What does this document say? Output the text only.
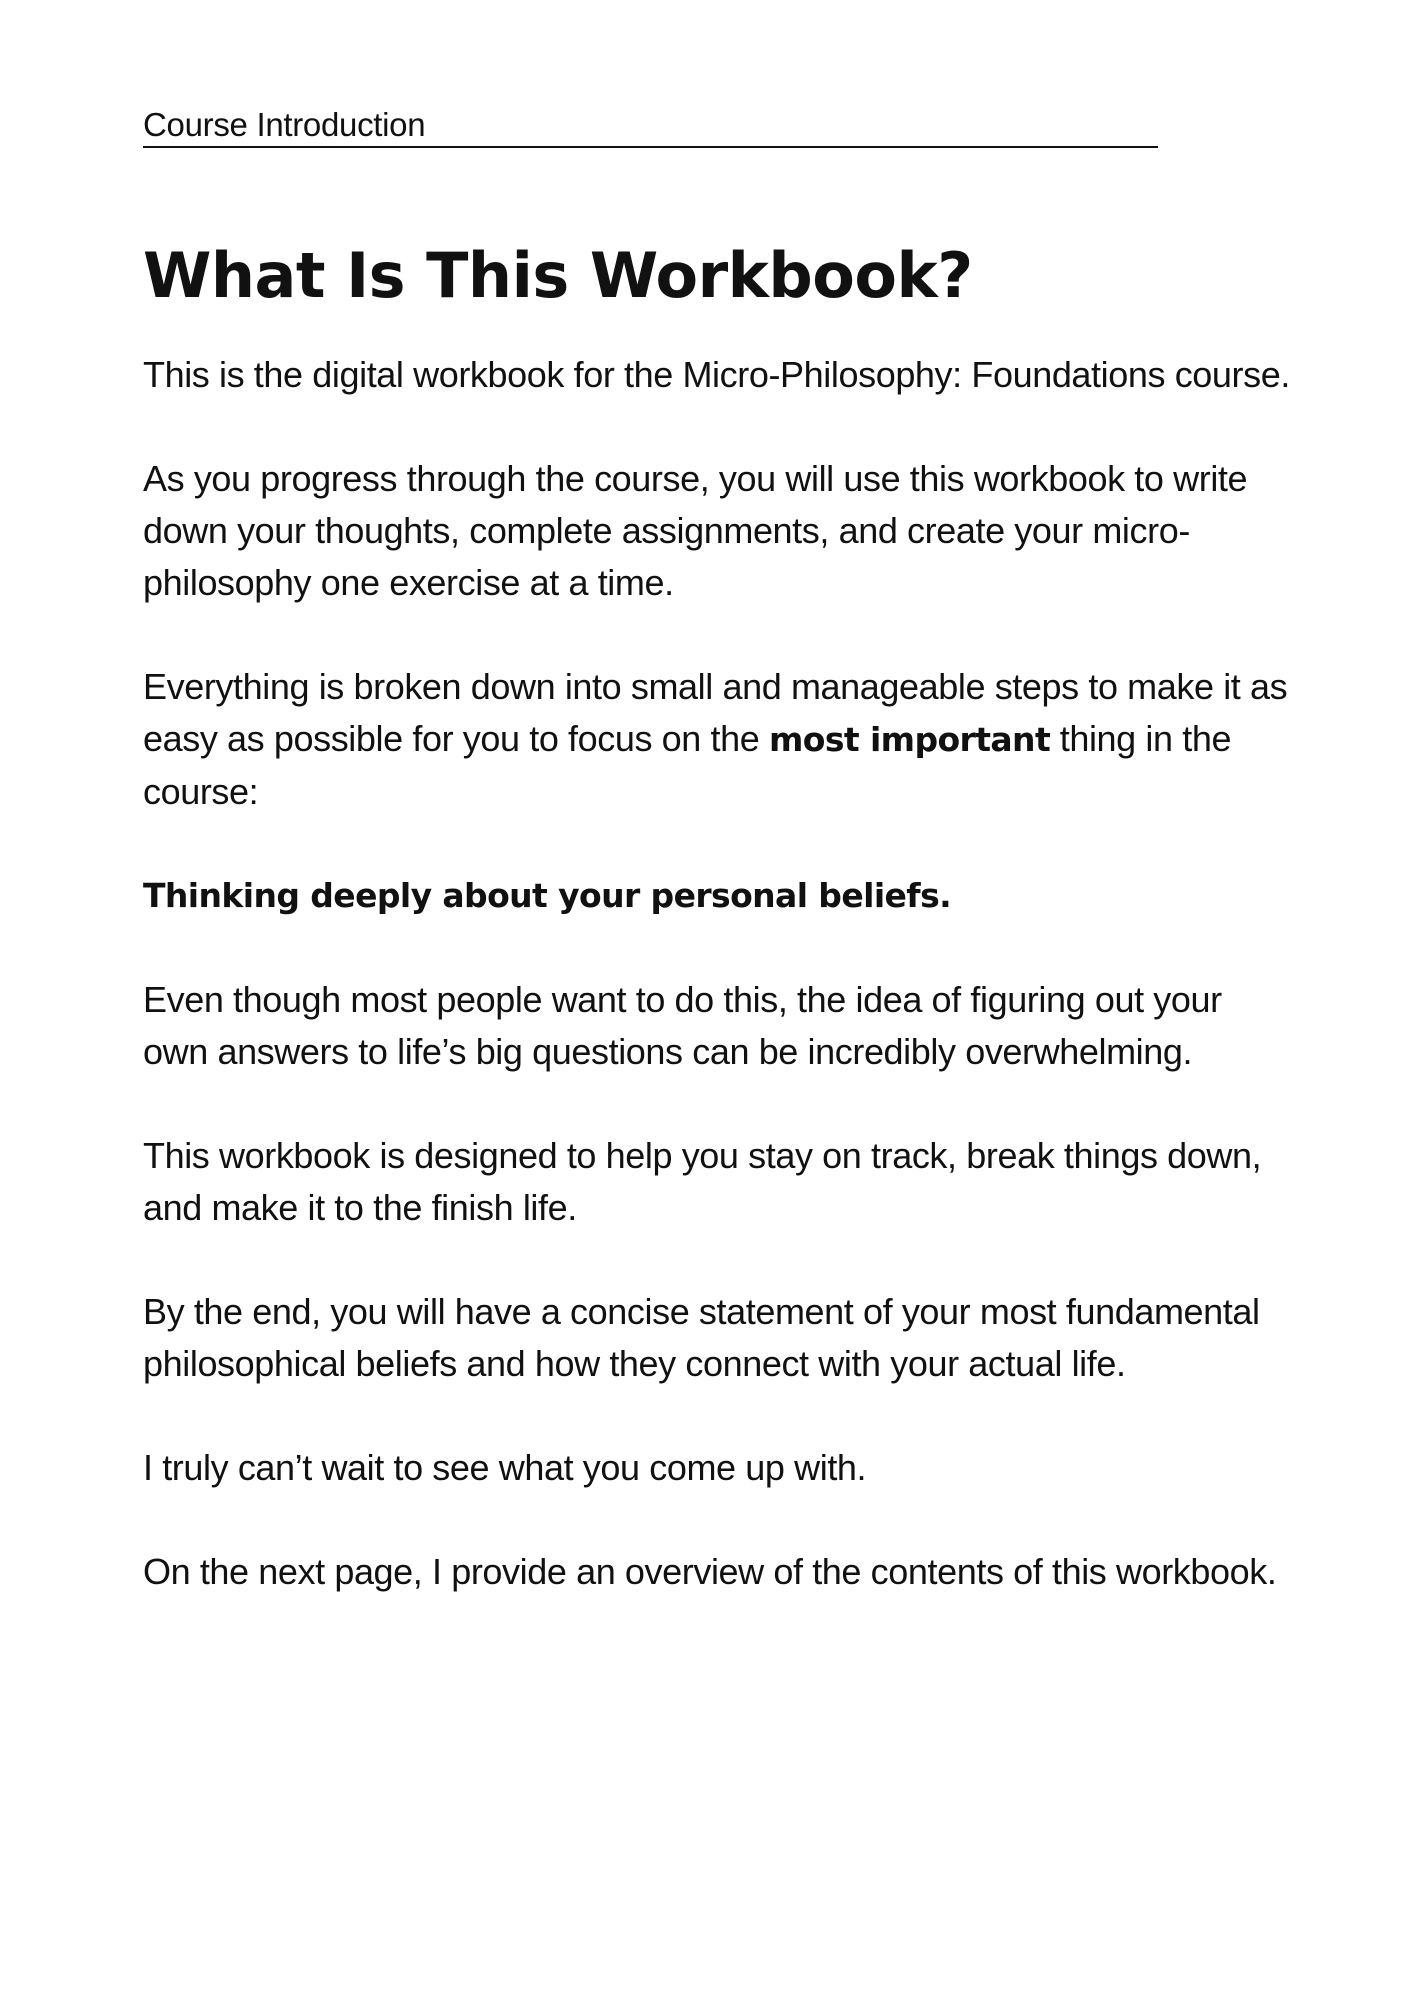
Course Introduction
What Is This Workbook?

This is the digital workbook for the Micro-Philosophy: Foundations course.

As you progress through the course, you will use this workbook to write down your thoughts, complete assignments, and create your micro-philosophy one exercise at a time.

Everything is broken down into small and manageable steps to make it as easy as possible for you to focus on the most important thing in the course:

Thinking deeply about your personal beliefs.

Even though most people want to do this, the idea of figuring out your own answers to life’s big questions can be incredibly overwhelming.

This workbook is designed to help you stay on track, break things down, and make it to the finish life.

By the end, you will have a concise statement of your most fundamental philosophical beliefs and how they connect with your actual life.

I truly can’t wait to see what you come up with.

On the next page, I provide an overview of the contents of this workbook.
